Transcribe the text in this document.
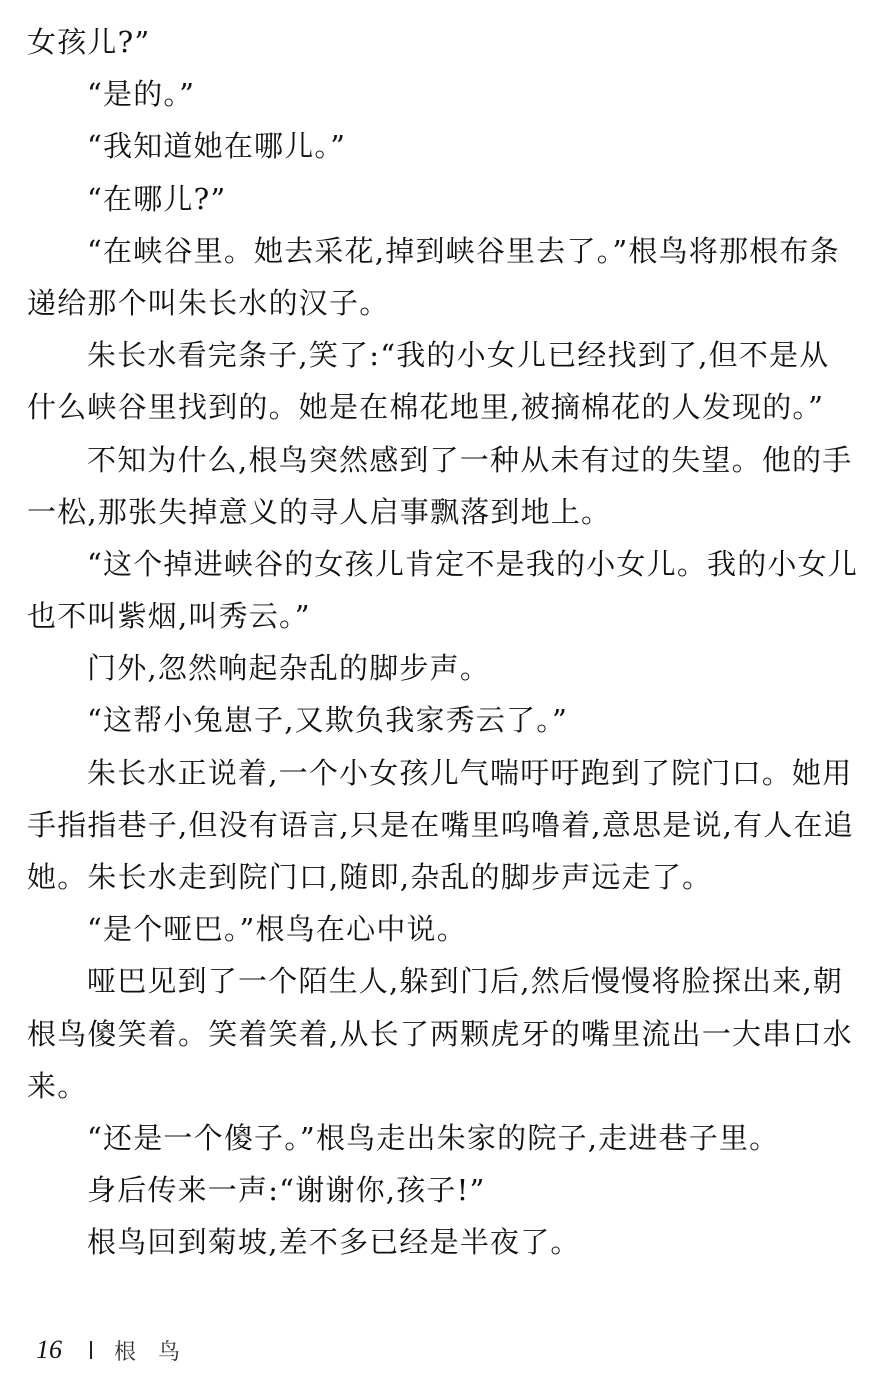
女孩儿?”
“是的。”
“我知道她在哪儿。”
“在哪儿?”
“在峡谷里。她去采花,掉到峡谷里去了。”根鸟将那根布条
递给那个叫朱长水的汉子。
朱长水看完条子,笑了:“我的小女儿已经找到了,但不是从
什么峡谷里找到的。她是在棉花地里,被摘棉花的人发现的。”
不知为什么,根鸟突然感到了一种从未有过的失望。他的手
一松,那张失掉意义的寻人启事飘落到地上。
“这个掉进峡谷的女孩儿肯定不是我的小女儿。我的小女儿
也不叫紫烟,叫秀云。”
门外,忽然响起杂乱的脚步声。
“这帮小兔崽子,又欺负我家秀云了。”
朱长水正说着,一个小女孩儿气喘吁吁跑到了院门口。她用
手指指巷子,但没有语言,只是在嘴里呜噜着,意思是说,有人在追
她。朱长水走到院门口,随即,杂乱的脚步声远走了。
“是个哑巴。”根鸟在心中说。
哑巴见到了一个陌生人,躲到门后,然后慢慢将脸探出来,朝
根鸟傻笑着。笑着笑着,从长了两颗虎牙的嘴里流出一大串口水
来。
“还是一个傻子。”根鸟走出朱家的院子,走进巷子里。
身后传来一声:“谢谢你,孩子!”
根鸟回到菊坡,差不多已经是半夜了。
16	根鸟
